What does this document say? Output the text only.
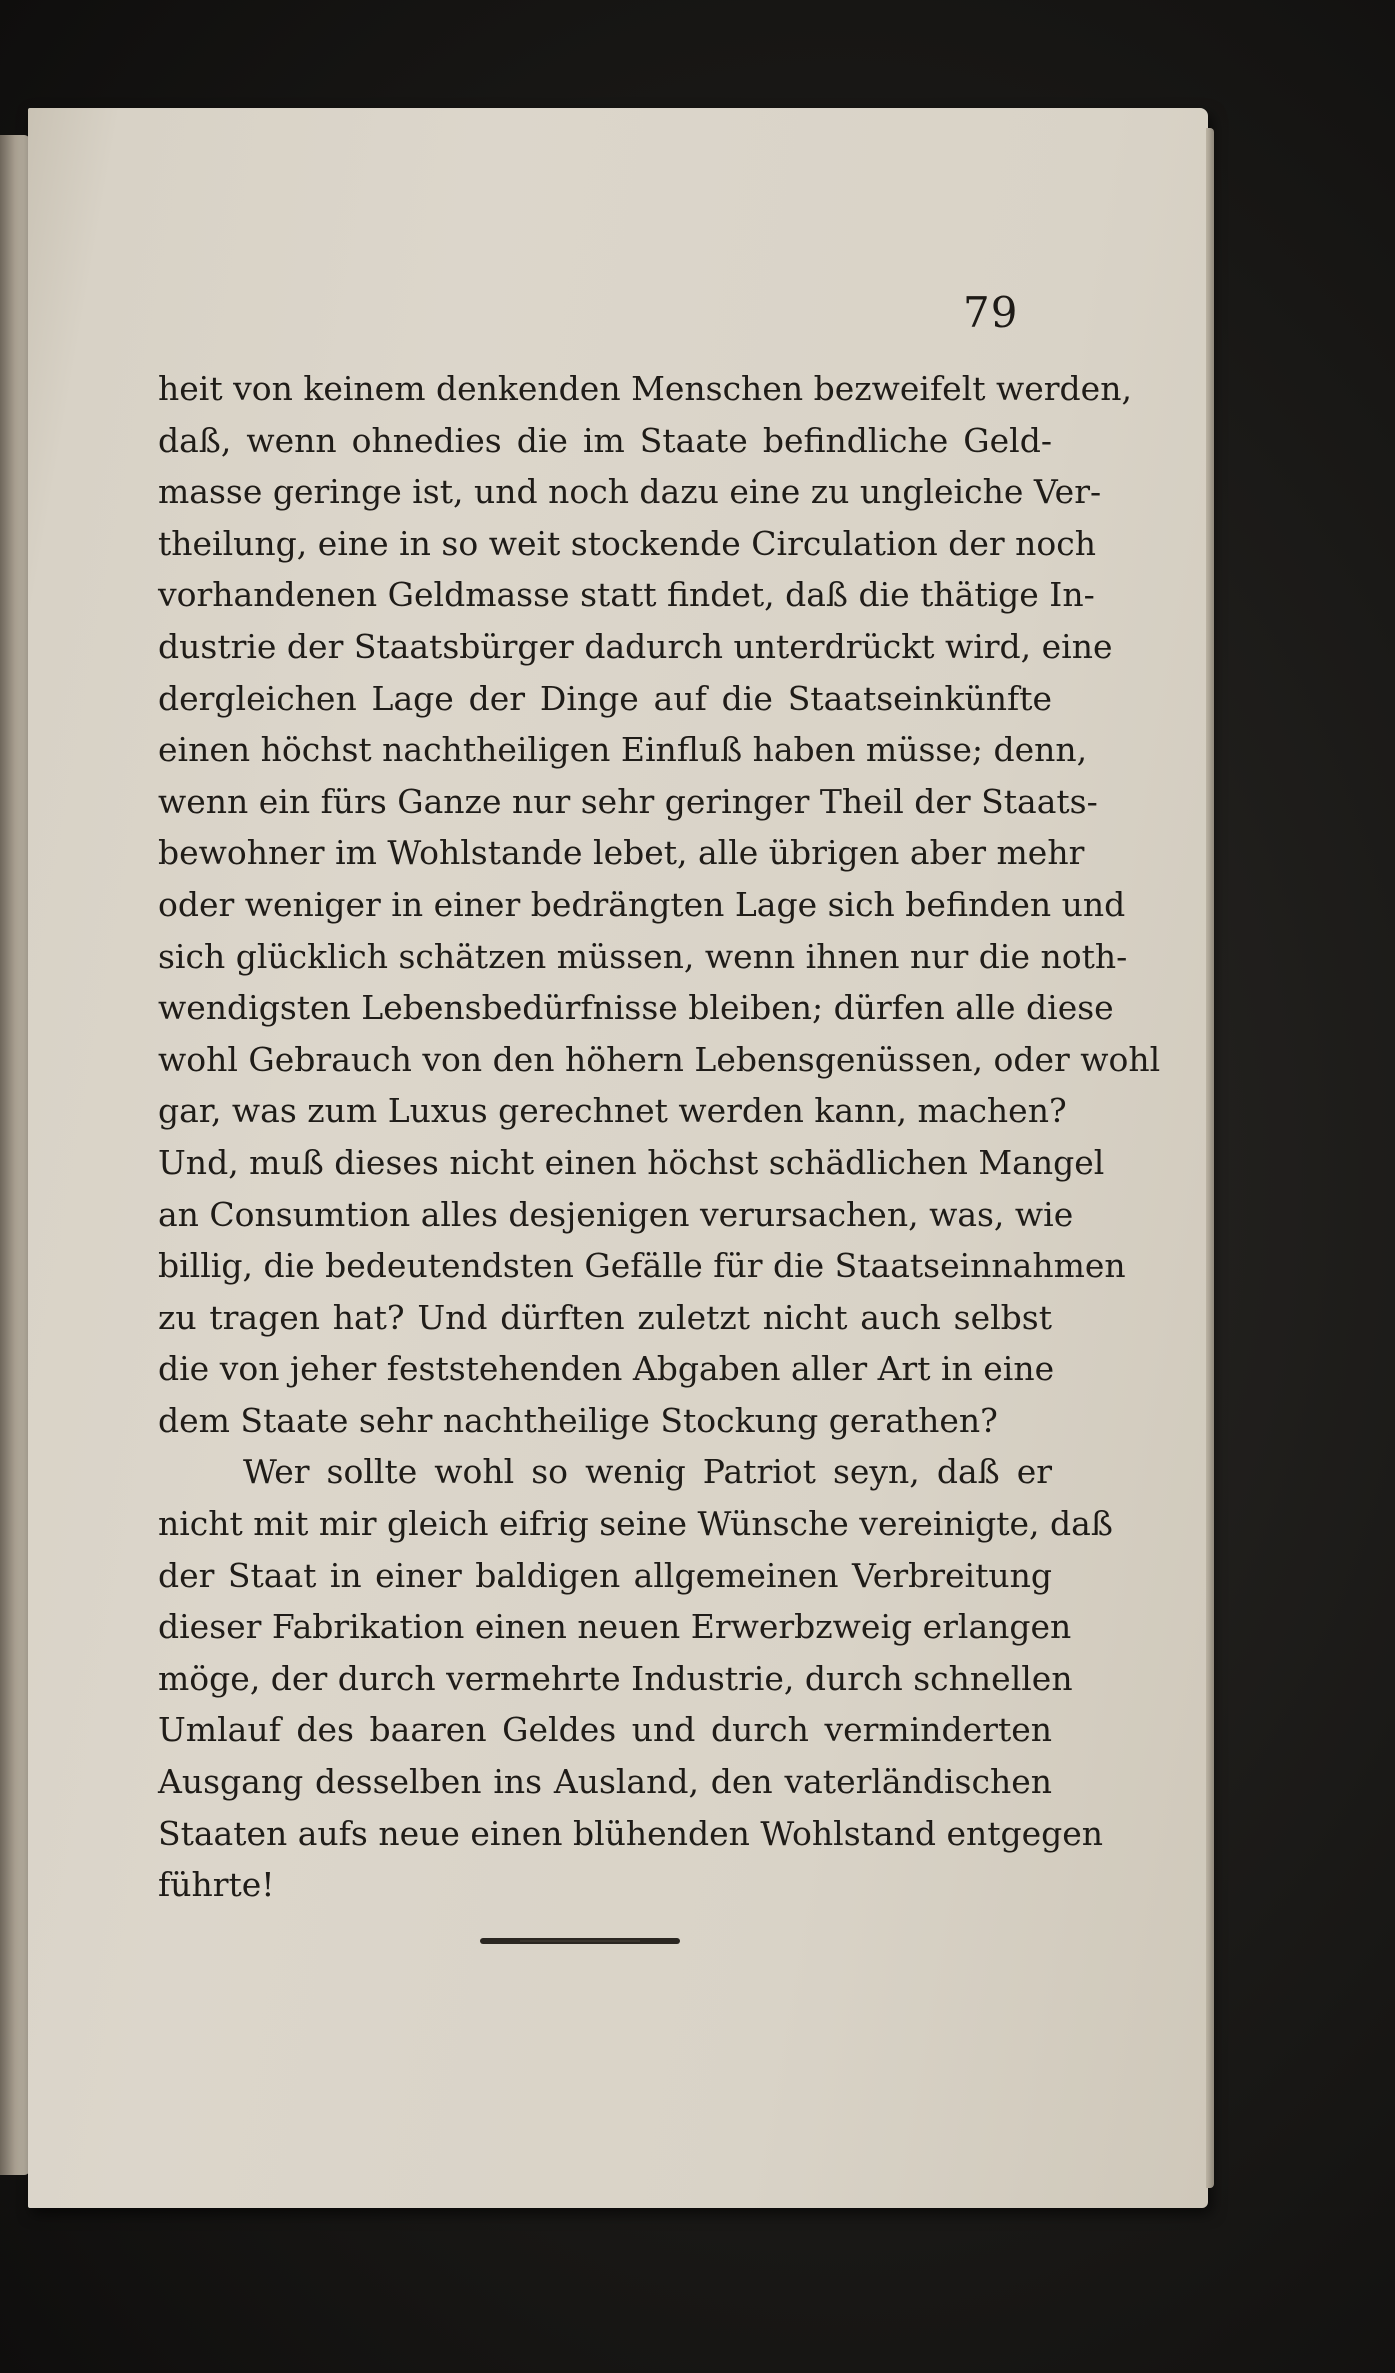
79
heit von keinem denkenden Menschen bezweifelt werden,
daß, wenn ohnedies die im Staate befindliche Geld-
masse geringe ist, und noch dazu eine zu ungleiche Ver-
theilung, eine in so weit stockende Circulation der noch
vorhandenen Geldmasse statt findet, daß die thätige In-
dustrie der Staatsbürger dadurch unterdrückt wird, eine
dergleichen Lage der Dinge auf die Staatseinkünfte
einen höchst nachtheiligen Einfluß haben müsse; denn,
wenn ein fürs Ganze nur sehr geringer Theil der Staats-
bewohner im Wohlstande lebet, alle übrigen aber mehr
oder weniger in einer bedrängten Lage sich befinden und
sich glücklich schätzen müssen, wenn ihnen nur die noth-
wendigsten Lebensbedürfnisse bleiben; dürfen alle diese
wohl Gebrauch von den höhern Lebensgenüssen, oder wohl
gar, was zum Luxus gerechnet werden kann, machen?
Und, muß dieses nicht einen höchst schädlichen Mangel
an Consumtion alles desjenigen verursachen, was, wie
billig, die bedeutendsten Gefälle für die Staatseinnahmen
zu tragen hat? Und dürften zuletzt nicht auch selbst
die von jeher feststehenden Abgaben aller Art in eine
dem Staate sehr nachtheilige Stockung gerathen?
Wer sollte wohl so wenig Patriot seyn, daß er
nicht mit mir gleich eifrig seine Wünsche vereinigte, daß
der Staat in einer baldigen allgemeinen Verbreitung
dieser Fabrikation einen neuen Erwerbzweig erlangen
möge, der durch vermehrte Industrie, durch schnellen
Umlauf des baaren Geldes und durch verminderten
Ausgang desselben ins Ausland, den vaterländischen
Staaten aufs neue einen blühenden Wohlstand entgegen
führte!
